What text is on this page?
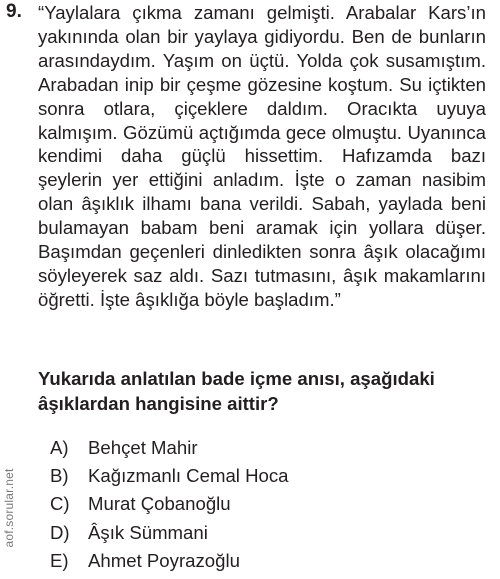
9. “Yaylalara çıkma zamanı gelmişti. Arabalar Kars’ın yakınında olan bir yaylaya gidiyordu. Ben de bunların arasındaydım. Yaşım on üçtü. Yolda çok susamıştım. Arabadan inip bir çeşme gözesine koştum. Su içtikten sonra otlara, çiçeklere daldım. Oracıkta uyuya kalmışım. Gözümü açtığımda gece olmuştu. Uyanınca kendimi daha güçlü hissettim. Hafızamda bazı şeylerin yer ettiğini anladım. İşte o zaman nasibim olan âşıklık ilhamı bana verildi. Sabah, yaylada beni bulamayan babam beni aramak için yollara düşer. Başımdan geçenleri dinledikten sonra âşık olacağımı söyleyerek saz aldı. Sazı tutmasını, âşık makamlarını öğretti. İşte âşıklığa böyle başladım.”

Yukarıda anlatılan bade içme anısı, aşağıdaki âşıklardan hangisine aittir?

A)	Behçet Mahir
B)	Kağızmanlı Cemal Hoca
C) Murat Çobanoğlu
D) Âşık Sümmani
E)	Ahmet Poyrazoğlu
aof.sorular.net
